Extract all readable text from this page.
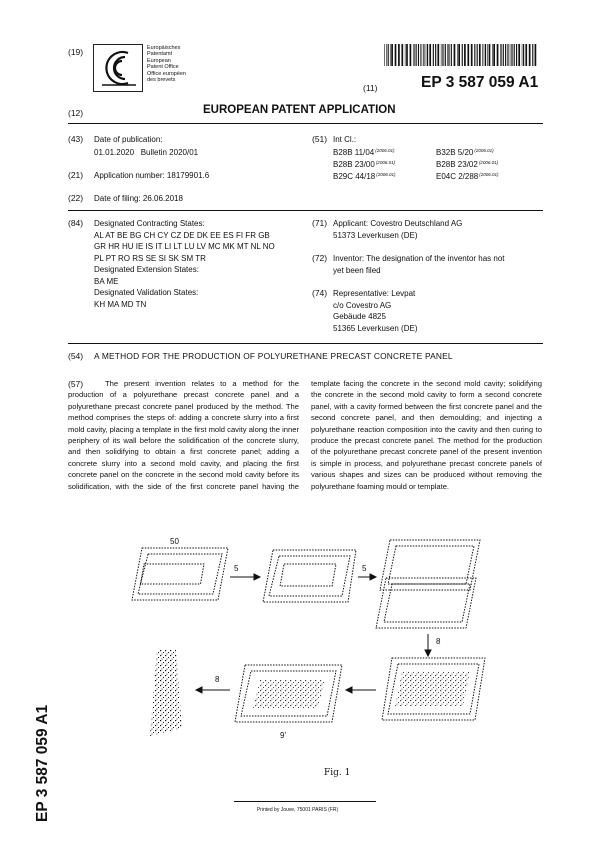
(19)	Europäisches
Patentamt
European
Patent Office
Office européen
des brevets
(11)	EP 3 587 059 A1
(12)	EUROPEAN PATENT APPLICATION
(43) Date of publication:
01.01.2020   Bulletin 2020/01
(21) Application number: 18179901.6
(22) Date of filing: 26.06.2018
(51) Int Cl.:
B28B $11/04^{(2006.01)}$	B32B $5/20^{(2006.01)}$
B28B $23/00^{(2006.01)}$	B28B $23/02^{(2006.01)}$
B29C $44/18^{(2006.01)}$	E04C $2/288^{(2006.01)}$
(84) Designated Contracting States:
AL AT BE BG CH CY CZ DE DK EE ES FI FR GB
GR HR HU IE IS IT LI LT LU LV MC MK MT NL NO
PL PT RO RS SE SI SK SM TR
Designated Extension States:
BA ME
Designated Validation States:
KH MA MD TN
(71) Applicant: Covestro Deutschland AG
51373 Leverkusen (DE)
(72) Inventor: The designation of the inventor has not
yet been filed
(74) Representative: Levpat
c/o Covestro AG
Gebäude 4825
51365 Leverkusen (DE)
(54) A METHOD FOR THE PRODUCTION OF POLYURETHANE PRECAST CONCRETE PANEL
(57)	The present invention relates to a method for the production of a polyurethane precast concrete panel and a polyurethane precast concrete panel produced by the method. The method comprises the steps of: adding a concrete slurry into a first mold cavity, placing a template in the first mold cavity along the inner periphery of its wall before the solidification of the concrete slurry, and then solidifying to obtain a first concrete panel; adding a concrete slurry into a second mold cavity, and placing the first concrete panel on the concrete in the second mold cavity before its solidification, with the side of the first concrete panel having the template facing the concrete in the second mold cavity; solidifying the concrete in the second mold cavity to form a second concrete panel, with a cavity formed between the first concrete panel and the second concrete panel, and then demoulding; and injecting a polyurethane reaction composition into the cavity and then curing to produce the precast concrete panel. The method for the production of the polyurethane precast concrete panel of the present invention is simple in process, and polyurethane precast concrete panels of various shapes and sizes can be produced without removing the polyurethane foaming mould or template.
50
5	5
8
8
9'
Fig. 1
EP 3 587 059 A1	Printed by Jouve, 75001 PARIS (FR)
